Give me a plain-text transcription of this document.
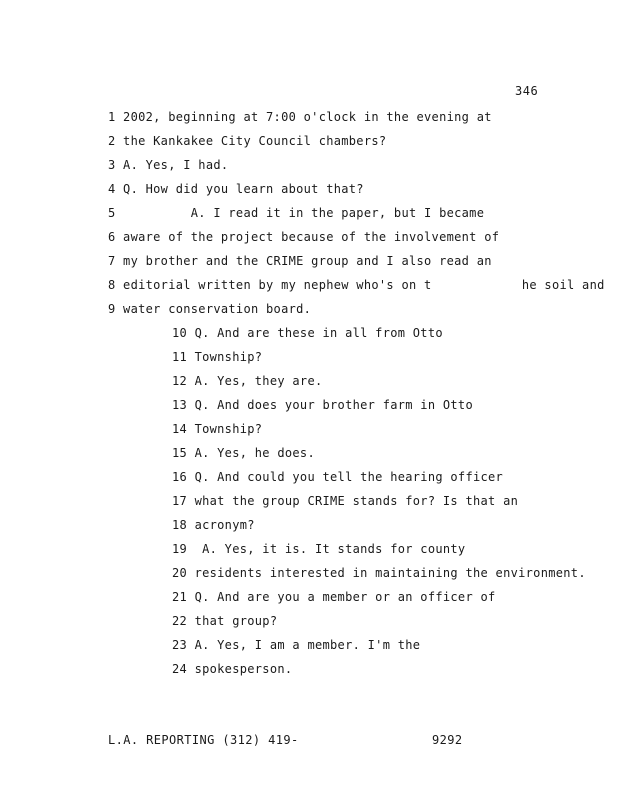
346
1 2002, beginning at 7:00 o'clock in the evening at
2 the Kankakee City Council chambers?
3 A. Yes, I had.
4 Q. How did you learn about that?
5          A. I read it in the paper, but I became
6 aware of the project because of the involvement of
7 my brother and the CRIME group and I also read an
8 editorial written by my nephew who's on t            he soil and
9 water conservation board.
10 Q. And are these in all from Otto
11 Township?
12 A. Yes, they are.
13 Q. And does your brother farm in Otto
14 Township?
15 A. Yes, he does.
16 Q. And could you tell the hearing officer
17 what the group CRIME stands for? Is that an
18 acronym?
19  A. Yes, it is. It stands for county
20 residents interested in maintaining the environment.
21 Q. And are you a member or an officer of
22 that group?
23 A. Yes, I am a member. I'm the
24 spokesperson.
L.A. REPORTING (312) 419-	9292
